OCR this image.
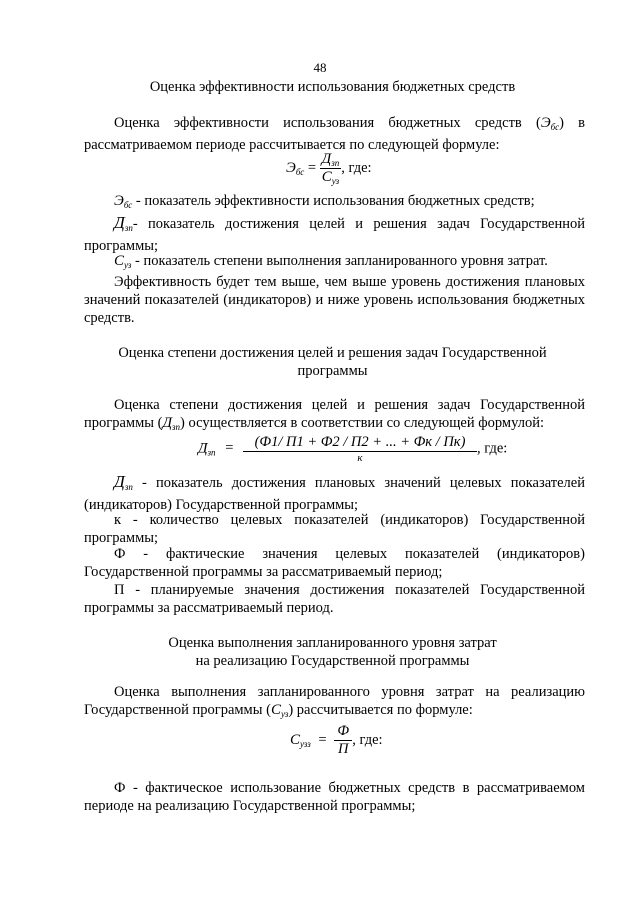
48
Оценка эффективности использования бюджетных средств
Оценка эффективности использования бюджетных средств $(Э_{бс})$ в рассматриваемом периоде рассчитывается по следующей формуле:
$Э_{бс} = \frac{Д_{зп}}{С_{уз}}$ , где:
$Э_{бс}$ - показатель эффективности использования бюджетных средств;
$Д_{зп}-$ показатель достижения целей и решения задач Государственной программы;
$С_{уз}$ - показатель степени выполнения запланированного уровня затрат.
Эффективность будет тем выше, чем выше уровень достижения плановых значений показателей (индикаторов) и ниже уровень использования бюджетных средств.
Оценка степени достижения целей и решения задач Государственной
программы
Оценка степени достижения целей и решения задач Государственной программы $(Д_{зп})$ осуществляется в соответствии со следующей формулой:
$Д_{зп} = \frac{(Ф1/ П1 + Ф2 / П2 + ... + Фк / Пк)}{к}$ , где:
$Д_{зп}$ - показатель достижения плановых значений целевых показателей (индикаторов) Государственной программы;
к - количество целевых показателей (индикаторов) Государственной программы;
Ф - фактические значения целевых показателей (индикаторов) Государственной программы за рассматриваемый период;
П - планируемые значения достижения показателей Государственной программы за рассматриваемый период.
Оценка выполнения запланированного уровня затрат
на реализацию Государственной программы
Оценка выполнения запланированного уровня затрат на реализацию Государственной программы $(С_{уз})$ рассчитывается по формуле:
$С_{узз} = \frac{Ф}{П}$ , где:
Ф - фактическое использование бюджетных средств в рассматриваемом периоде на реализацию Государственной программы;
